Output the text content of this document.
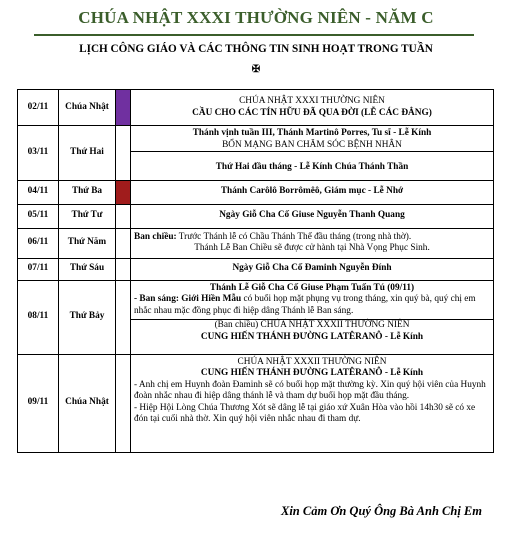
CHÚA NHẬT XXXI THƯỜNG NIÊN - NĂM C
LỊCH CÔNG GIÁO VÀ CÁC THÔNG TIN SINH HOẠT TRONG TUẦN
✠
02/11	Chúa Nhật		CHÚA NHẬT XXXI THƯỜNG NIÊN
CẦU CHO CÁC TÍN HỮU ĐÃ QUA ĐỜI (LỄ CÁC ĐẲNG)

03/11	Thứ Hai		Thánh vịnh tuần III, Thánh Martinô Porres, Tu sĩ - Lễ Kính
BỔN MẠNG BAN CHĂM SÓC BỆNH NHÂN
Thứ Hai đầu tháng - Lễ Kính Chúa Thánh Thần

04/11	Thứ Ba		Thánh Carôlô Borrômêô, Giám mục - Lễ Nhớ
05/11	Thứ Tư		Ngày Giỗ Cha Cố Giuse Nguyễn Thanh Quang
06/11	Thứ Năm		Ban chiều: Trước Thánh lễ có Chầu Thánh Thể đầu tháng (trong nhà thờ).
Thánh Lễ Ban Chiều sẽ được cử hành tại Nhà Vọng Phục Sinh.

07/11	Thứ Sáu		Ngày Giỗ Cha Cố Đaminh Nguyễn Đính
08/11	Thứ Bảy		Thánh Lễ Giỗ Cha Cố Giuse Phạm Tuấn Tú (09/11)
- Ban sáng: Giới Hiền Mẫu có buổi họp mặt phụng vụ trong tháng, xin quý bà, quý chị em nhắc nhau mặc đồng phục đi hiệp dâng Thánh lễ Ban sáng.
(Ban chiều) CHÚA NHẬT XXXII THƯỜNG NIÊN
CUNG HIẾN THÁNH ĐƯỜNG LATÊRANÔ - Lễ Kính

09/11	Chúa Nhật		CHÚA NHẬT XXXII THƯỜNG NIÊN
CUNG HIẾN THÁNH ĐƯỜNG LATÊRANÔ - Lễ Kính
- Anh chị em Huynh đoàn Đaminh sẽ có buổi họp mặt thường kỳ. Xin quý hội viên của Huynh đoàn nhắc nhau đi hiệp dâng thánh lễ và tham dự buổi họp mặt đầu tháng.
- Hiệp Hội Lòng Chúa Thương Xót sẽ dâng lễ tại giáo xứ Xuân Hòa vào hồi 14h30 sẽ có xe đón tại cuối nhà thờ. Xin quý hội viên nhắc nhau đi tham dự.
Xin Cảm Ơn Quý Ông Bà Anh Chị Em
